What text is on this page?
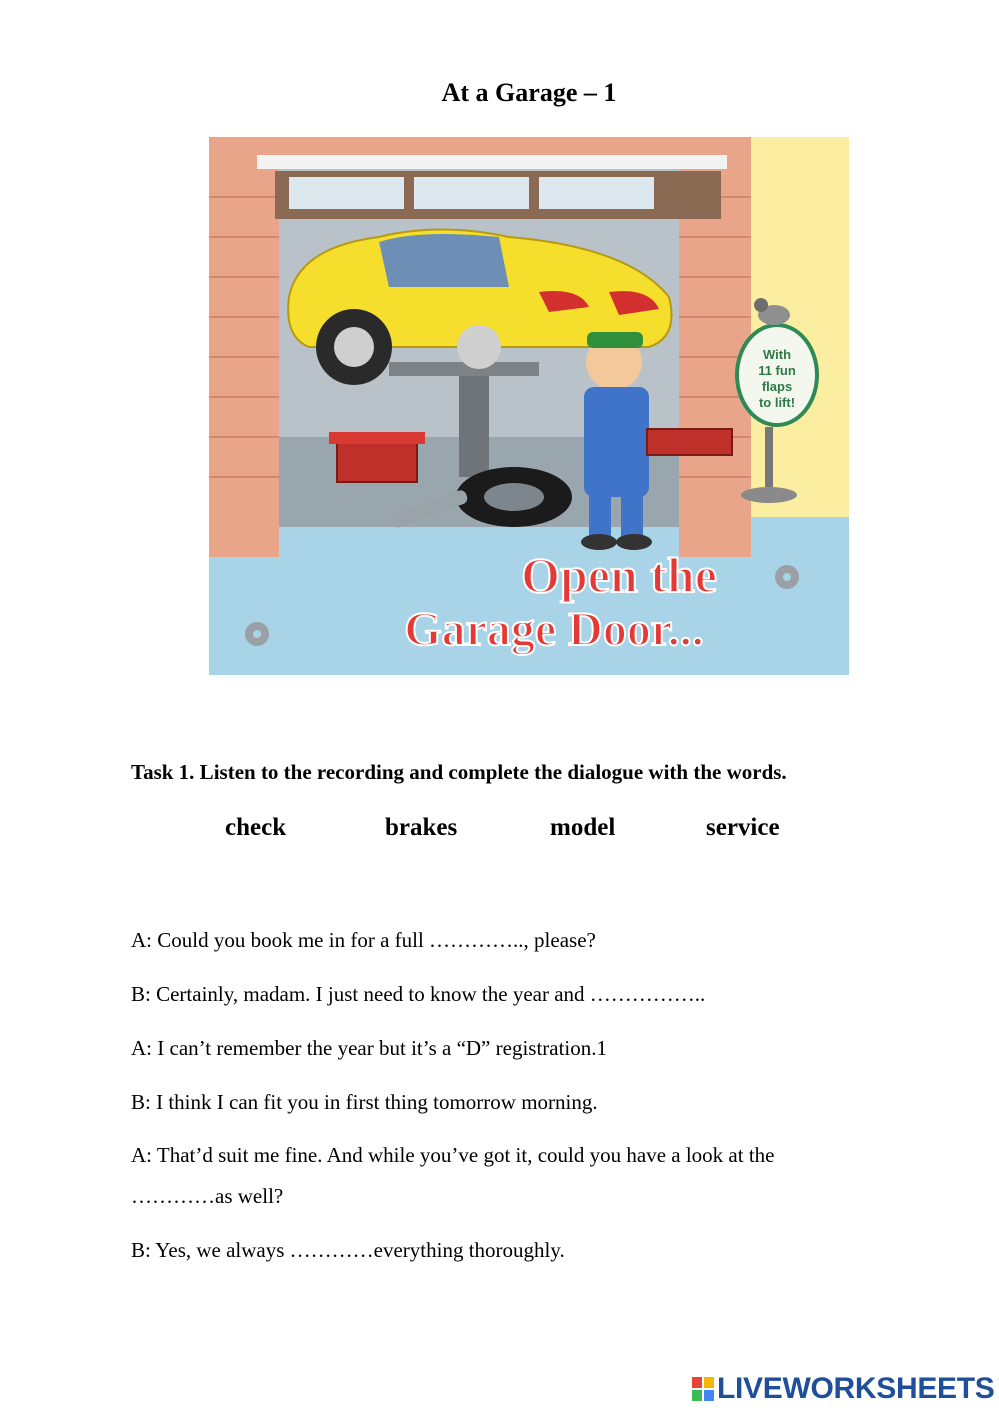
At a Garage – 1
With
11 fun
flaps
to lift!
Open the
Garage Door...
Task 1. Listen to the recording and complete the dialogue with the words.
check	brakes	model	service
A: Could you book me in for a full ………….., please?
B: Certainly, madam. I just need to know the year and ……………..
A: I can’t remember the year but it’s a “D” registration.1
B: I think I can fit you in first thing tomorrow morning.
A: That’d suit me fine. And while you’ve got it, could you have a look at the
…………as well?
B: Yes, we always …………everything thoroughly.
LIVEWORKSHEETS
